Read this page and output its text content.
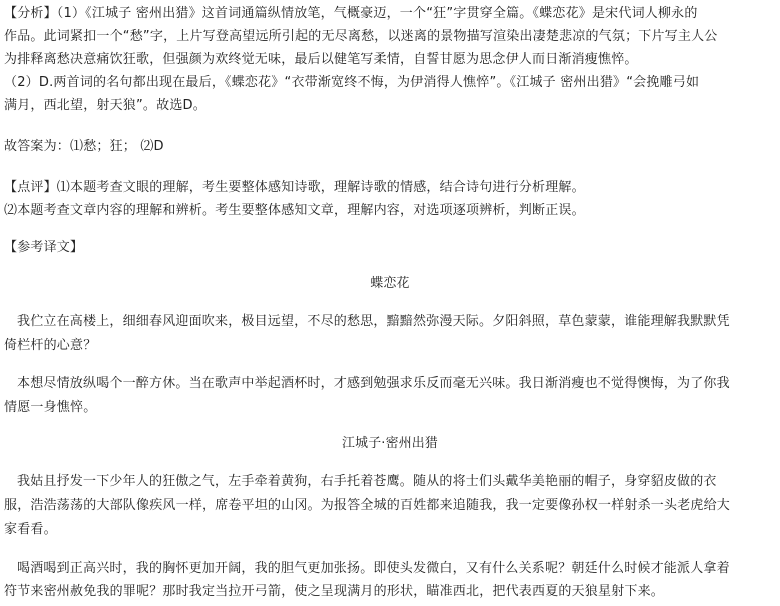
【分析】（1）《江城子 密州出猎》这首词通篇纵情放笔，气概豪迈，一个“狂”字贯穿全篇。《蝶恋花》是宋代词人柳永的
作品。此词紧扣一个“愁”字，上片写登高望远所引起的无尽离愁，以迷离的景物描写渲染出凄楚悲凉的气氛；下片写主人公
为排释离愁决意痛饮狂歌，但强颜为欢终觉无味，最后以健笔写柔情，自誓甘愿为思念伊人而日渐消瘦憔悴。
（2）D.两首词的名句都出现在最后，《蝶恋花》“衣带渐宽终不悔，为伊消得人憔悴”。《江城子 密州出猎》“会挽雕弓如
满月，西北望，射天狼”。故选D。
故答案为：⑴愁；狂； ⑵D
【点评】⑴本题考查文眼的理解，考生要整体感知诗歌，理解诗歌的情感，结合诗句进行分析理解。
⑵本题考查文章内容的理解和辨析。考生要整体感知文章，理解内容，对选项逐项辨析，判断正误。
【参考译文】
蝶恋花
我伫立在高楼上，细细春风迎面吹来，极目远望，不尽的愁思，黯黯然弥漫天际。夕阳斜照，草色蒙蒙，谁能理解我默默凭
倚栏杆的心意？
本想尽情放纵喝个一醉方休。当在歌声中举起酒杯时，才感到勉强求乐反而毫无兴味。我日渐消瘦也不觉得懊悔，为了你我
情愿一身憔悴。
江城子·密州出猎
我姑且抒发一下少年人的狂傲之气，左手牵着黄狗，右手托着苍鹰。随从的将士们头戴华美艳丽的帽子，身穿貂皮做的衣
服，浩浩荡荡的大部队像疾风一样，席卷平坦的山冈。为报答全城的百姓都来追随我，我一定要像孙权一样射杀一头老虎给大
家看看。
喝酒喝到正高兴时，我的胸怀更加开阔，我的胆气更加张扬。即使头发微白，又有什么关系呢？朝廷什么时候才能派人拿着
符节来密州赦免我的罪呢？那时我定当拉开弓箭，使之呈现满月的形状，瞄准西北，把代表西夏的天狼星射下来。
